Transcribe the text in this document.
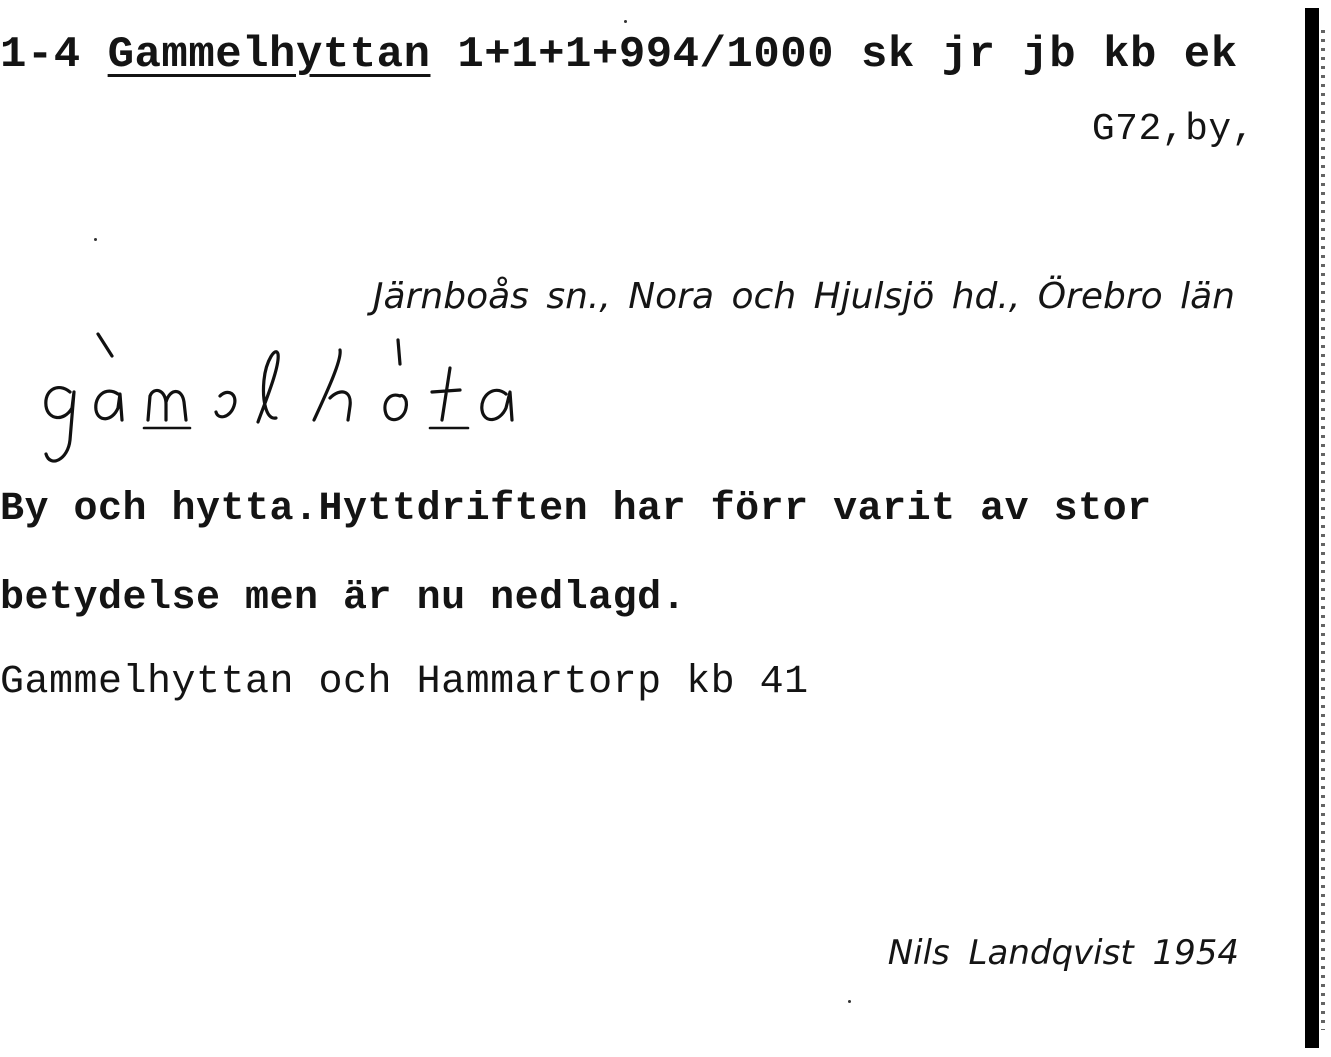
1-4 Gammelhyttan 1+1+1+994/1000 sk jr jb kb ek
G72,by,
Järnboås sn., Nora och Hjulsjö hd., Örebro län
By och hytta.Hyttdriften har förr varit av stor
betydelse men är nu nedlagd.
Gammelhyttan och Hammartorp kb 41
Nils Landqvist 1954
